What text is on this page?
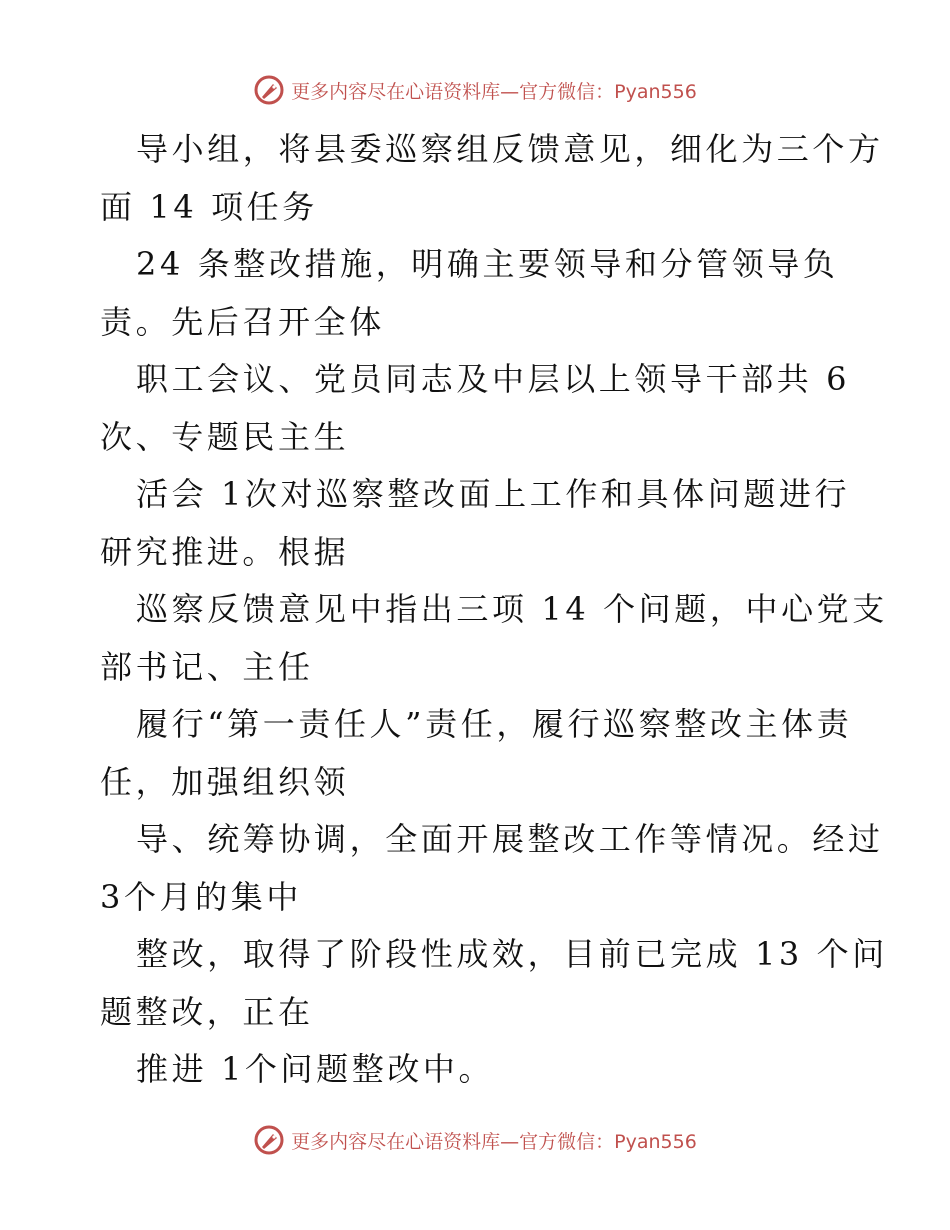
更多内容尽在心语资料库—官方微信：Pyan556
导小组，将县委巡察组反馈意见，细化为三个方
面 14 项任务
24 条整改措施，明确主要领导和分管领导负
责。先后召开全体
职工会议、党员同志及中层以上领导干部共 6
次、专题民主生
活会 1次对巡察整改面上工作和具体问题进行
研究推进。根据
巡察反馈意见中指出三项 14 个问题，中心党支
部书记、主任
履行“第一责任人”责任，履行巡察整改主体责
任，加强组织领
导、统筹协调，全面开展整改工作等情况。经过
3个月的集中
整改，取得了阶段性成效，目前已完成 13 个问
题整改，正在
推进 1个问题整改中。
更多内容尽在心语资料库—官方微信：Pyan556
